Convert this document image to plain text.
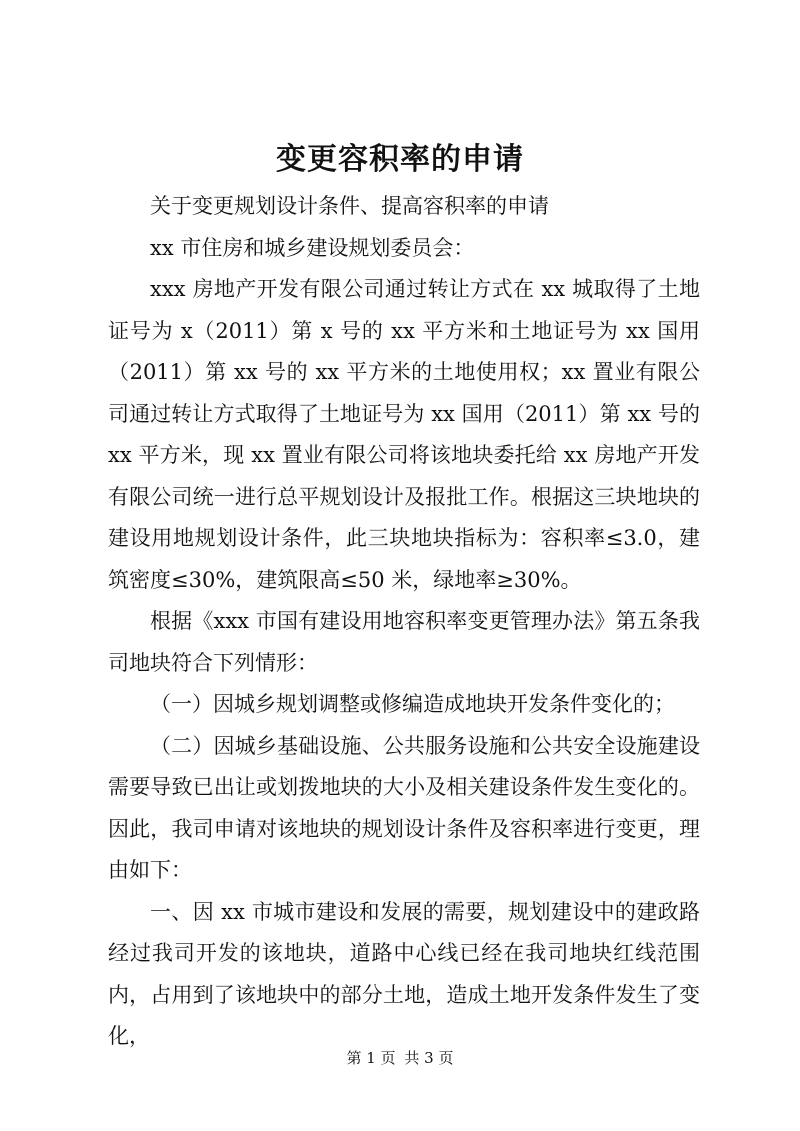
变更容积率的申请

关于变更规划设计条件、提高容积率的申请

xx 市住房和城乡建设规划委员会：

xxx 房地产开发有限公司通过转让方式在 xx 城取得了土地证号为 x（2011）第 x 号的 xx 平方米和土地证号为 xx 国用（2011）第 xx 号的 xx 平方米的土地使用权；xx 置业有限公司通过转让方式取得了土地证号为 xx 国用（2011）第 xx 号的 xx 平方米，现 xx 置业有限公司将该地块委托给 xx 房地产开发有限公司统一进行总平规划设计及报批工作。根据这三块地块的建设用地规划设计条件，此三块地块指标为：容积率≤3.0，建筑密度≤30%，建筑限高≤50 米，绿地率≥30%。

根据《xxx 市国有建设用地容积率变更管理办法》第五条我司地块符合下列情形：

（一）因城乡规划调整或修编造成地块开发条件变化的；

（二）因城乡基础设施、公共服务设施和公共安全设施建设需要导致已出让或划拨地块的大小及相关建设条件发生变化的。因此，我司申请对该地块的规划设计条件及容积率进行变更，理由如下：

一、因 xx 市城市建设和发展的需要，规划建设中的建政路经过我司开发的该地块，道路中心线已经在我司地块红线范围内，占用到了该地块中的部分土地，造成土地开发条件发生了变化，

第 1 页 共 3 页
